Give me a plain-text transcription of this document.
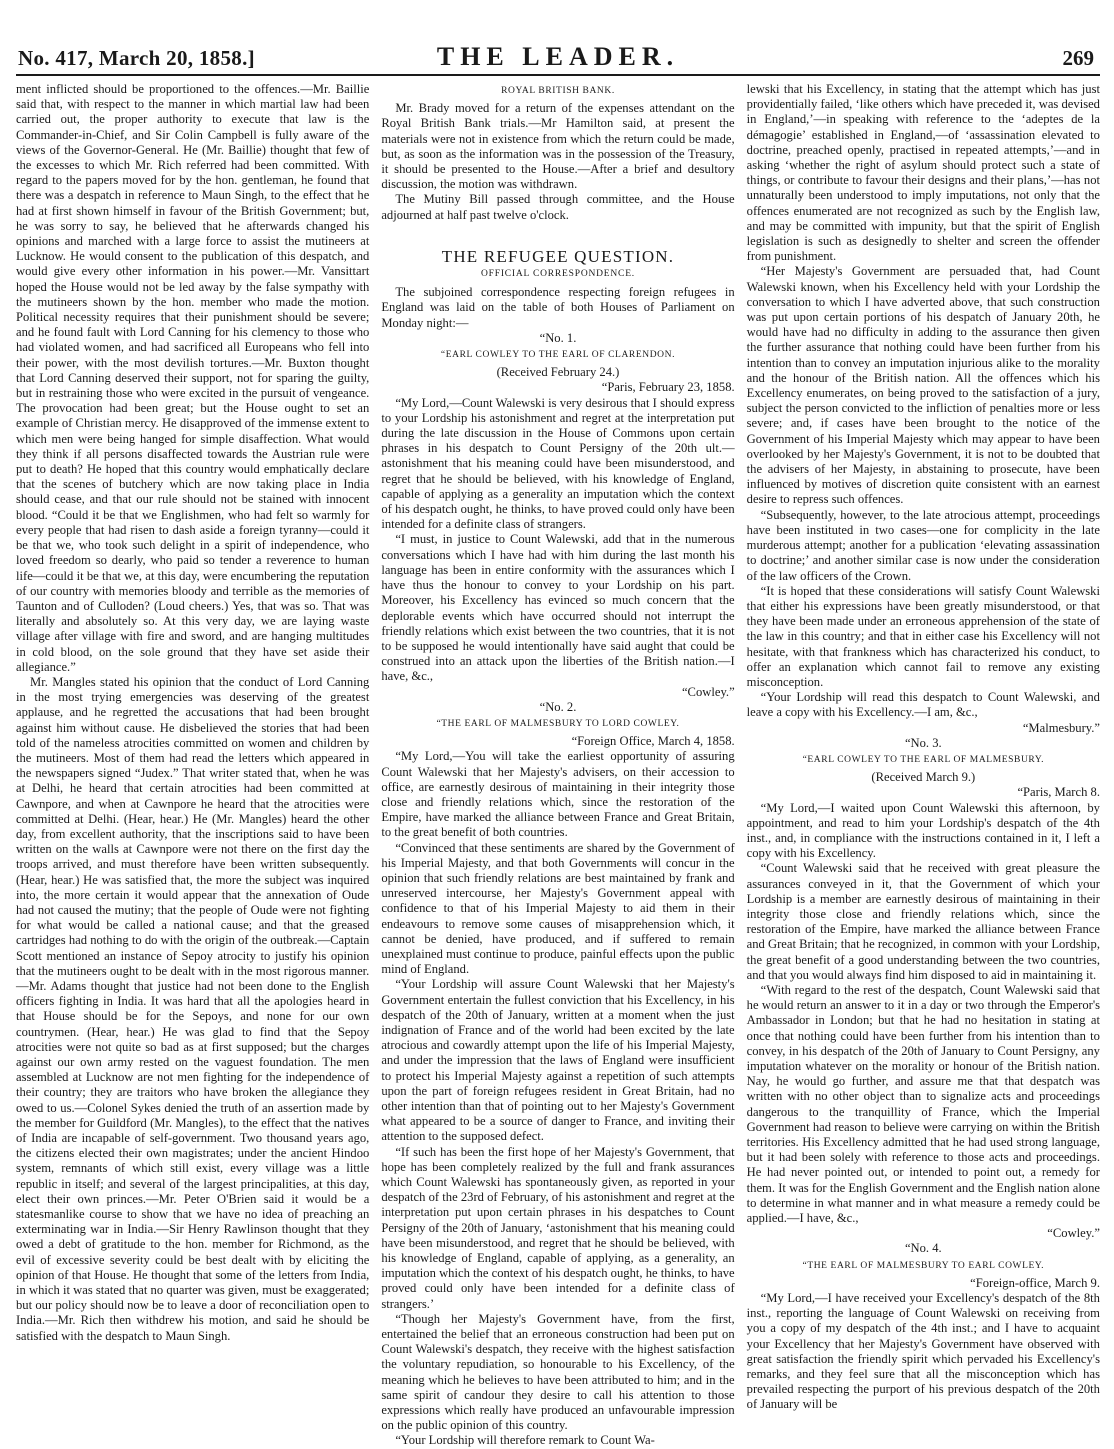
No. 417, March 20, 1858.]	THE LEADER.	269

ment inflicted should be proportioned to the offences.—Mr. Baillie said that, with respect to the manner in which martial law had been carried out, the proper authority to execute that law is the Commander-in-Chief, and Sir Colin Campbell is fully aware of the views of the Governor-General. He (Mr. Baillie) thought that few of the excesses to which Mr. Rich referred had been committed. With regard to the papers moved for by the hon. gentleman, he found that there was a despatch in reference to Maun Singh, to the effect that he had at first shown himself in favour of the British Government; but, he was sorry to say, he believed that he afterwards changed his opinions and marched with a large force to assist the mutineers at Lucknow. He would consent to the publication of this despatch, and would give every other information in his power.—Mr. Vansittart hoped the House would not be led away by the false sympathy with the mutineers shown by the hon. member who made the motion. Political necessity requires that their punishment should be severe; and he found fault with Lord Canning for his clemency to those who had violated women, and had sacrificed all Europeans who fell into their power, with the most devilish tortures.—Mr. Buxton thought that Lord Canning deserved their support, not for sparing the guilty, but in restraining those who were excited in the pursuit of vengeance. The provocation had been great; but the House ought to set an example of Christian mercy. He disapproved of the immense extent to which men were being hanged for simple disaffection. What would they think if all persons disaffected towards the Austrian rule were put to death? He hoped that this country would emphatically declare that the scenes of butchery which are now taking place in India should cease, and that our rule should not be stained with innocent blood. “Could it be that we Englishmen, who had felt so warmly for every people that had risen to dash aside a foreign tyranny—could it be that we, who took such delight in a spirit of independence, who loved freedom so dearly, who paid so tender a reverence to human life—could it be that we, at this day, were encumbering the reputation of our country with memories bloody and terrible as the memories of Taunton and of Culloden? (Loud cheers.) Yes, that was so. That was literally and absolutely so. At this very day, we are laying waste village after village with fire and sword, and are hanging multitudes in cold blood, on the sole ground that they have set aside their allegiance.”

Mr. Mangles stated his opinion that the conduct of Lord Canning in the most trying emergencies was deserving of the greatest applause, and he regretted the accusations that had been brought against him without cause. He disbelieved the stories that had been told of the nameless atrocities committed on women and children by the mutineers. Most of them had read the letters which appeared in the newspapers signed “Judex.” That writer stated that, when he was at Delhi, he heard that certain atrocities had been committed at Cawnpore, and when at Cawnpore he heard that the atrocities were committed at Delhi. (Hear, hear.) He (Mr. Mangles) heard the other day, from excellent authority, that the inscriptions said to have been written on the walls at Cawnpore were not there on the first day the troops arrived, and must therefore have been written subsequently. (Hear, hear.) He was satisfied that, the more the subject was inquired into, the more certain it would appear that the annexation of Oude had not caused the mutiny; that the people of Oude were not fighting for what would be called a national cause; and that the greased cartridges had nothing to do with the origin of the outbreak.—Captain Scott mentioned an instance of Sepoy atrocity to justify his opinion that the mutineers ought to be dealt with in the most rigorous manner.—Mr. Adams thought that justice had not been done to the English officers fighting in India. It was hard that all the apologies heard in that House should be for the Sepoys, and none for our own countrymen. (Hear, hear.) He was glad to find that the Sepoy atrocities were not quite so bad as at first supposed; but the charges against our own army rested on the vaguest foundation. The men assembled at Lucknow are not men fighting for the independence of their country; they are traitors who have broken the allegiance they owed to us.—Colonel Sykes denied the truth of an assertion made by the member for Guildford (Mr. Mangles), to the effect that the natives of India are incapable of self-government. Two thousand years ago, the citizens elected their own magistrates; under the ancient Hindoo system, remnants of which still exist, every village was a little republic in itself; and several of the largest principalities, at this day, elect their own princes.—Mr. Peter O'Brien said it would be a statesmanlike course to show that we have no idea of preaching an exterminating war in India.—Sir Henry Rawlinson thought that they owed a debt of gratitude to the hon. member for Richmond, as the evil of excessive severity could be best dealt with by eliciting the opinion of that House. He thought that some of the letters from India, in which it was stated that no quarter was given, must be exaggerated; but our policy should now be to leave a door of reconciliation open to India.—Mr. Rich then withdrew his motion, and said he should be satisfied with the despatch to Maun Singh.

ROYAL BRITISH BANK.

Mr. Brady moved for a return of the expenses attendant on the Royal British Bank trials.—Mr Hamilton said, at present the materials were not in existence from which the return could be made, but, as soon as the information was in the possession of the Treasury, it should be presented to the House.—After a brief and desultory discussion, the motion was withdrawn.

The Mutiny Bill passed through committee, and the House adjourned at half past twelve o'clock.

THE REFUGEE QUESTION.
OFFICIAL CORRESPONDENCE.

The subjoined correspondence respecting foreign refugees in England was laid on the table of both Houses of Parliament on Monday night:—

“No. 1.

“EARL COWLEY TO THE EARL OF CLARENDON.

(Received February 24.)

“Paris, February 23, 1858.

“My Lord,—Count Walewski is very desirous that I should express to your Lordship his astonishment and regret at the interpretation put during the late discussion in the House of Commons upon certain phrases in his despatch to Count Persigny of the 20th ult.—astonishment that his meaning could have been misunderstood, and regret that he should be believed, with his knowledge of England, capable of applying as a generality an imputation which the context of his despatch ought, he thinks, to have proved could only have been intended for a definite class of strangers.

“I must, in justice to Count Walewski, add that in the numerous conversations which I have had with him during the last month his language has been in entire conformity with the assurances which I have thus the honour to convey to your Lordship on his part. Moreover, his Excellency has evinced so much concern that the deplorable events which have occurred should not interrupt the friendly relations which exist between the two countries, that it is not to be supposed he would intentionally have said aught that could be construed into an attack upon the liberties of the British nation.—I have, &c.,

“Cowley.”

“No. 2.

“THE EARL OF MALMESBURY TO LORD COWLEY.

“Foreign Office, March 4, 1858.

“My Lord,—You will take the earliest opportunity of assuring Count Walewski that her Majesty's advisers, on their accession to office, are earnestly desirous of maintaining in their integrity those close and friendly relations which, since the restoration of the Empire, have marked the alliance between France and Great Britain, to the great benefit of both countries.

“Convinced that these sentiments are shared by the Government of his Imperial Majesty, and that both Governments will concur in the opinion that such friendly relations are best maintained by frank and unreserved intercourse, her Majesty's Government appeal with confidence to that of his Imperial Majesty to aid them in their endeavours to remove some causes of misapprehension which, it cannot be denied, have produced, and if suffered to remain unexplained must continue to produce, painful effects upon the public mind of England.

“Your Lordship will assure Count Walewski that her Majesty's Government entertain the fullest conviction that his Excellency, in his despatch of the 20th of January, written at a moment when the just indignation of France and of the world had been excited by the late atrocious and cowardly attempt upon the life of his Imperial Majesty, and under the impression that the laws of England were insufficient to protect his Imperial Majesty against a repetition of such attempts upon the part of foreign refugees resident in Great Britain, had no other intention than that of pointing out to her Majesty's Government what appeared to be a source of danger to France, and inviting their attention to the supposed defect.

“If such has been the first hope of her Majesty's Government, that hope has been completely realized by the full and frank assurances which Count Walewski has spontaneously given, as reported in your despatch of the 23rd of February, of his astonishment and regret at the interpretation put upon certain phrases in his despatches to Count Persigny of the 20th of January, ‘astonishment that his meaning could have been misunderstood, and regret that he should be believed, with his knowledge of England, capable of applying, as a generality, an imputation which the context of his despatch ought, he thinks, to have proved could only have been intended for a definite class of strangers.’

“Though her Majesty's Government have, from the first, entertained the belief that an erroneous construction had been put on Count Walewski's despatch, they receive with the highest satisfaction the voluntary repudiation, so honourable to his Excellency, of the meaning which he believes to have been attributed to him; and in the same spirit of candour they desire to call his attention to those expressions which really have produced an unfavourable impression on the public opinion of this country.

“Your Lordship will therefore remark to Count Wa-

lewski that his Excellency, in stating that the attempt which has just providentially failed, ‘like others which have preceded it, was devised in England,’—in speaking with reference to the ‘adeptes de la démagogie’ established in England,—of ‘assassination elevated to doctrine, preached openly, practised in repeated attempts,’—and in asking ‘whether the right of asylum should protect such a state of things, or contribute to favour their designs and their plans,’—has not unnaturally been understood to imply imputations, not only that the offences enumerated are not recognized as such by the English law, and may be committed with impunity, but that the spirit of English legislation is such as designedly to shelter and screen the offender from punishment.

“Her Majesty's Government are persuaded that, had Count Walewski known, when his Excellency held with your Lordship the conversation to which I have adverted above, that such construction was put upon certain portions of his despatch of January 20th, he would have had no difficulty in adding to the assurance then given the further assurance that nothing could have been further from his intention than to convey an imputation injurious alike to the morality and the honour of the British nation. All the offences which his Excellency enumerates, on being proved to the satisfaction of a jury, subject the person convicted to the infliction of penalties more or less severe; and, if cases have been brought to the notice of the Government of his Imperial Majesty which may appear to have been overlooked by her Majesty's Government, it is not to be doubted that the advisers of her Majesty, in abstaining to prosecute, have been influenced by motives of discretion quite consistent with an earnest desire to repress such offences.

“Subsequently, however, to the late atrocious attempt, proceedings have been instituted in two cases—one for complicity in the late murderous attempt; another for a publication ‘elevating assassination to doctrine;’ and another similar case is now under the consideration of the law officers of the Crown.

“It is hoped that these considerations will satisfy Count Walewski that either his expressions have been greatly misunderstood, or that they have been made under an erroneous apprehension of the state of the law in this country; and that in either case his Excellency will not hesitate, with that frankness which has characterized his conduct, to offer an explanation which cannot fail to remove any existing misconception.

“Your Lordship will read this despatch to Count Walewski, and leave a copy with his Excellency.—I am, &c.,

“Malmesbury.”

“No. 3.

“EARL COWLEY TO THE EARL OF MALMESBURY.

(Received March 9.)

“Paris, March 8.

“My Lord,—I waited upon Count Walewski this afternoon, by appointment, and read to him your Lordship's despatch of the 4th inst., and, in compliance with the instructions contained in it, I left a copy with his Excellency.

“Count Walewski said that he received with great pleasure the assurances conveyed in it, that the Government of which your Lordship is a member are earnestly desirous of maintaining in their integrity those close and friendly relations which, since the restoration of the Empire, have marked the alliance between France and Great Britain; that he recognized, in common with your Lordship, the great benefit of a good understanding between the two countries, and that you would always find him disposed to aid in maintaining it.

“With regard to the rest of the despatch, Count Walewski said that he would return an answer to it in a day or two through the Emperor's Ambassador in London; but that he had no hesitation in stating at once that nothing could have been further from his intention than to convey, in his despatch of the 20th of January to Count Persigny, any imputation whatever on the morality or honour of the British nation. Nay, he would go further, and assure me that that despatch was written with no other object than to signalize acts and proceedings dangerous to the tranquillity of France, which the Imperial Government had reason to believe were carrying on within the British territories. His Excellency admitted that he had used strong language, but it had been solely with reference to those acts and proceedings. He had never pointed out, or intended to point out, a remedy for them. It was for the English Government and the English nation alone to determine in what manner and in what measure a remedy could be applied.—I have, &c.,

“Cowley.”

“No. 4.

“THE EARL OF MALMESBURY TO EARL COWLEY.

“Foreign-office, March 9.

“My Lord,—I have received your Excellency's despatch of the 8th inst., reporting the language of Count Walewski on receiving from you a copy of my despatch of the 4th inst.; and I have to acquaint your Excellency that her Majesty's Government have observed with great satisfaction the friendly spirit which pervaded his Excellency's remarks, and they feel sure that all the misconception which has prevailed respecting the purport of his previous despatch of the 20th of January will be
